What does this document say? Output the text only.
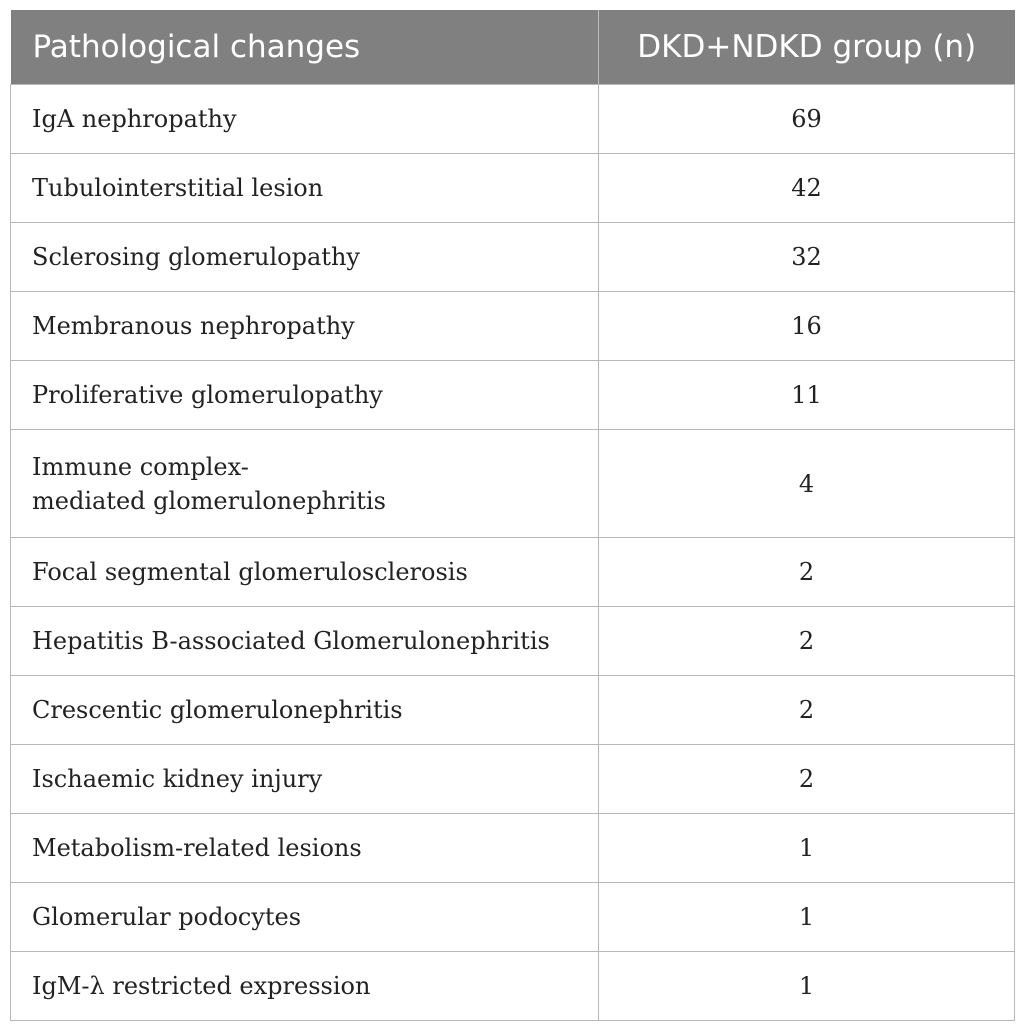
Pathological changes	DKD+NDKD group (n)
IgA nephropathy	69
Tubulointerstitial lesion	42
Sclerosing glomerulopathy	32
Membranous nephropathy	16
Proliferative glomerulopathy	11
Immune complex-
mediated glomerulonephritis	4
Focal segmental glomerulosclerosis	2
Hepatitis B-associated Glomerulonephritis	2
Crescentic glomerulonephritis	2
Ischaemic kidney injury	2
Metabolism-related lesions	1
Glomerular podocytes	1
IgM-λ restricted expression	1
